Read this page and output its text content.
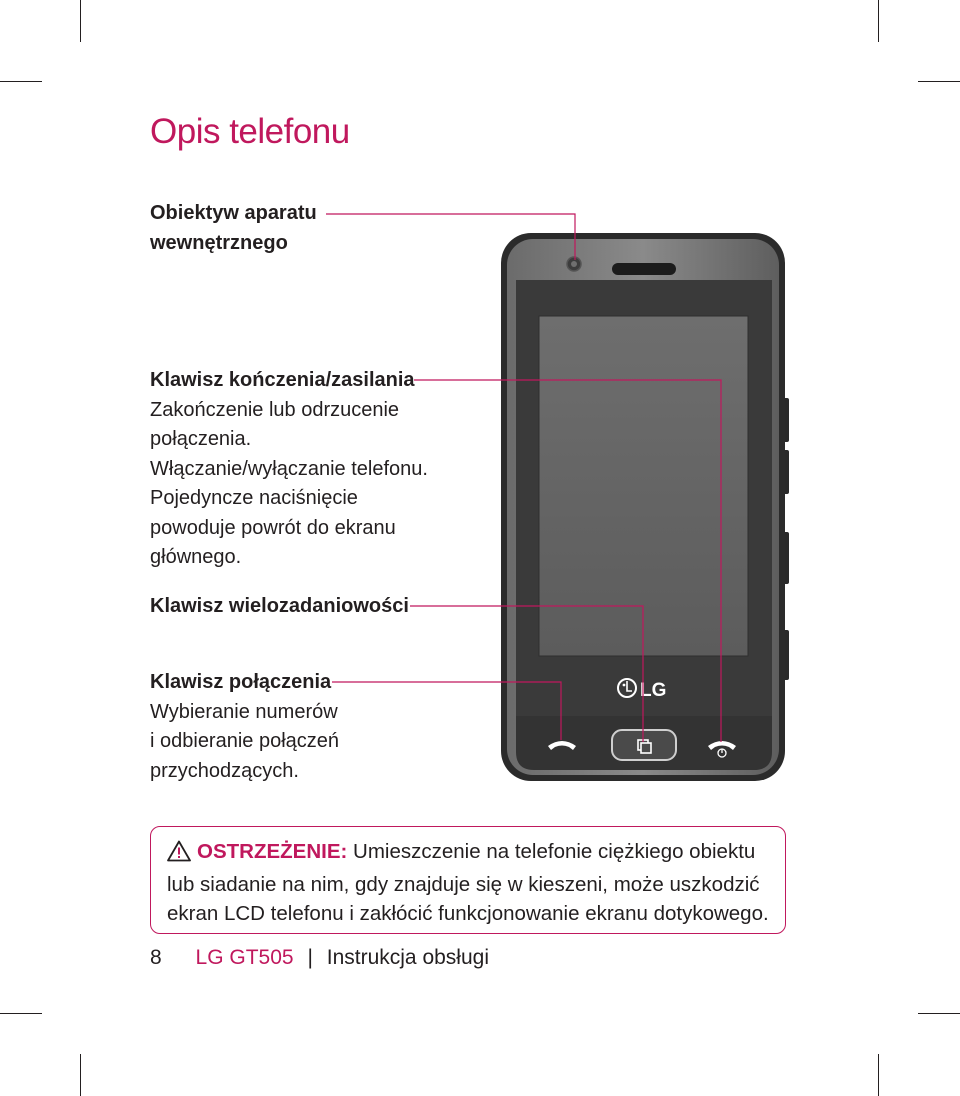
Opis telefonu
LG
Obiektyw aparatu
wewnętrznego
Klawisz kończenia/zasilania
Zakończenie lub odrzucenie
połączenia.
Włączanie/wyłączanie telefonu.
Pojedyncze naciśnięcie
powoduje powrót do ekranu
głównego.
Klawisz wielozadaniowości
Klawisz połączenia
Wybieranie numerów
i odbieranie połączeń
przychodzących.
OSTRZEŻENIE: Umieszczenie na telefonie ciężkiego obiektu
lub siadanie na nim, gdy znajduje się w kieszeni, może uszkodzić
ekran LCD telefonu i zakłócić funkcjonowanie ekranu dotykowego.
8 LG GT505 | Instrukcja obsługi
